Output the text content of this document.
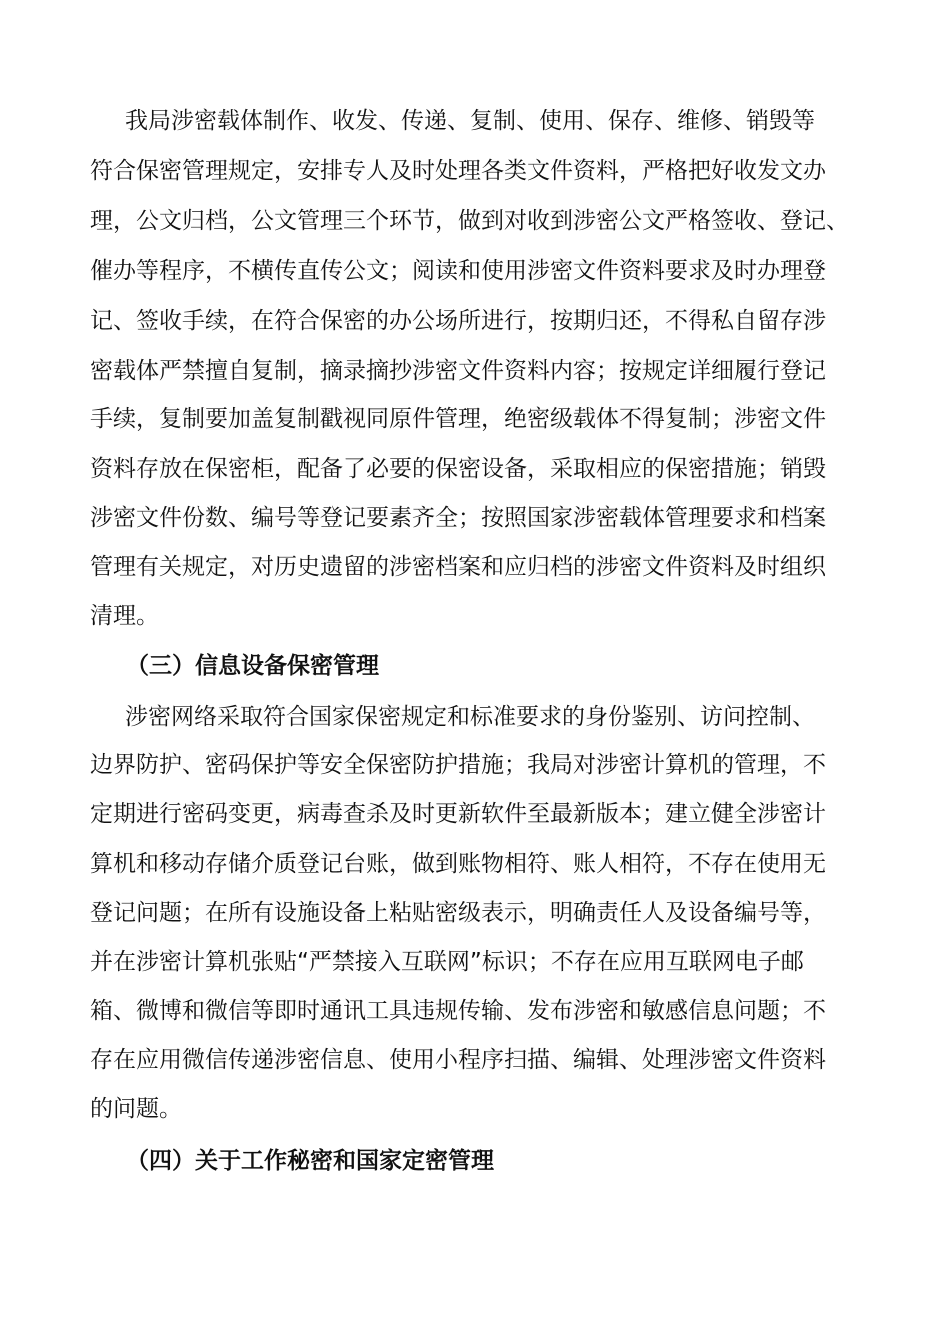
我局涉密载体制作、收发、传递、复制、使用、保存、维修、销毁等
符合保密管理规定，安排专人及时处理各类文件资料，严格把好收发文办
理，公文归档，公文管理三个环节，做到对收到涉密公文严格签收、登记、
催办等程序，不横传直传公文；阅读和使用涉密文件资料要求及时办理登
记、签收手续，在符合保密的办公场所进行，按期归还，不得私自留存涉
密载体严禁擅自复制，摘录摘抄涉密文件资料内容；按规定详细履行登记
手续，复制要加盖复制戳视同原件管理，绝密级载体不得复制；涉密文件
资料存放在保密柜，配备了必要的保密设备，采取相应的保密措施；销毁
涉密文件份数、编号等登记要素齐全；按照国家涉密载体管理要求和档案
管理有关规定，对历史遗留的涉密档案和应归档的涉密文件资料及时组织
清理。
（三）信息设备保密管理
涉密网络采取符合国家保密规定和标准要求的身份鉴别、访问控制、
边界防护、密码保护等安全保密防护措施；我局对涉密计算机的管理，不
定期进行密码变更，病毒查杀及时更新软件至最新版本；建立健全涉密计
算机和移动存储介质登记台账，做到账物相符、账人相符，不存在使用无
登记问题；在所有设施设备上粘贴密级表示，明确责任人及设备编号等，
并在涉密计算机张贴“严禁接入互联网”标识；不存在应用互联网电子邮
箱、微博和微信等即时通讯工具违规传输、发布涉密和敏感信息问题；不
存在应用微信传递涉密信息、使用小程序扫描、编辑、处理涉密文件资料
的问题。
（四）关于工作秘密和国家定密管理
